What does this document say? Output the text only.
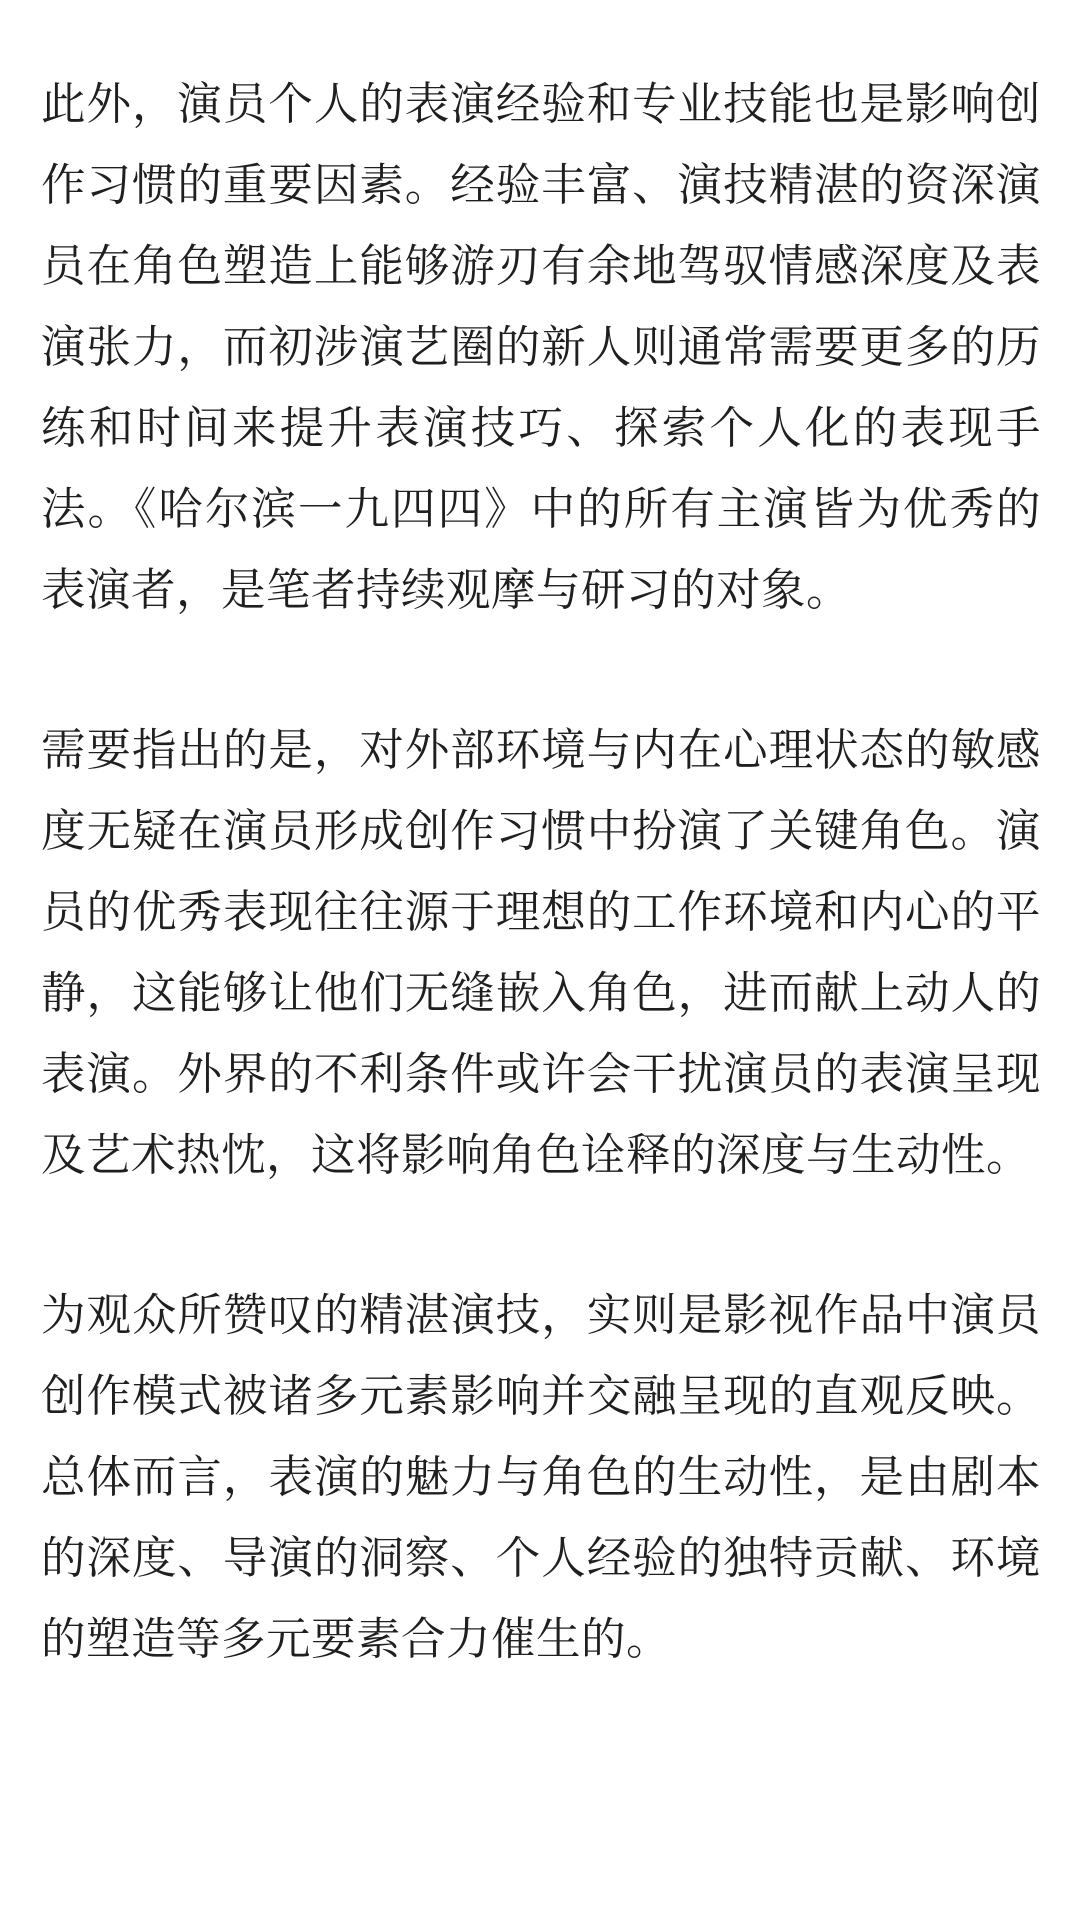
此外，演员个人的表演经验和专业技能也是影响创作习惯的重要因素。经验丰富、演技精湛的资深演员在角色塑造上能够游刃有余地驾驭情感深度及表演张力，而初涉演艺圈的新人则通常需要更多的历练和时间来提升表演技巧、探索个人化的表现手法。《哈尔滨一九四四》中的所有主演皆为优秀的表演者，是笔者持续观摩与研习的对象。

需要指出的是，对外部环境与内在心理状态的敏感度无疑在演员形成创作习惯中扮演了关键角色。演员的优秀表现往往源于理想的工作环境和内心的平静，这能够让他们无缝嵌入角色，进而献上动人的表演。外界的不利条件或许会干扰演员的表演呈现及艺术热忱，这将影响角色诠释的深度与生动性。

为观众所赞叹的精湛演技，实则是影视作品中演员创作模式被诸多元素影响并交融呈现的直观反映。总体而言，表演的魅力与角色的生动性，是由剧本的深度、导演的洞察、个人经验的独特贡献、环境的塑造等多元要素合力催生的。
